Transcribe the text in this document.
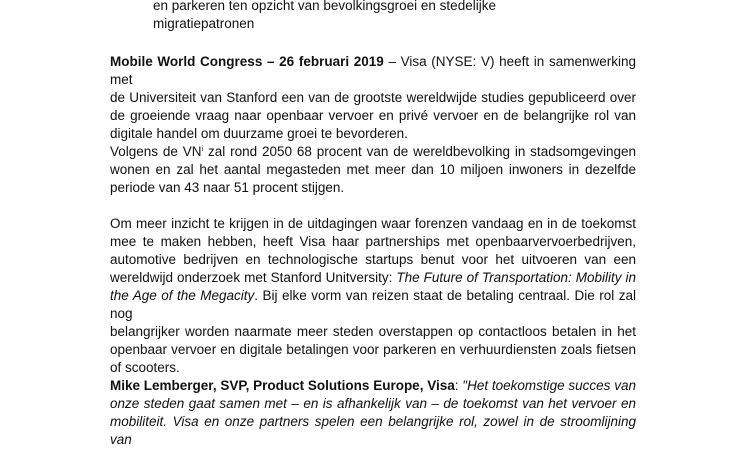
en parkeren ten opzicht van bevolkingsgroei en stedelijke
migratiepatronen
Mobile World Congress – 26 februari 2019 – Visa (NYSE: V) heeft in samenwerking met
de Universiteit van Stanford een van de grootste wereldwijde studies gepubliceerd over
de groeiende vraag naar openbaar vervoer en privé vervoer en de belangrijke rol van
digitale handel om duurzame groei te bevorderen.
Volgens de $VN^i$ zal rond 2050 68 procent van de wereldbevolking in stadsomgevingen
wonen en zal het aantal megasteden met meer dan 10 miljoen inwoners in dezelfde
periode van 43 naar 51 procent stijgen.
Om meer inzicht te krijgen in de uitdagingen waar forenzen vandaag en in de toekomst
mee te maken hebben, heeft Visa haar partnerships met openbaarvervoerbedrijven,
automotive bedrijven en technologische startups benut voor het uitvoeren van een
wereldwijd onderzoek met Stanford Unitversity: The Future of Transportation: Mobility in
the Age of the Megacity. Bij elke vorm van reizen staat de betaling centraal. Die rol zal nog
belangrijker worden naarmate meer steden overstappen op contactloos betalen in het
openbaar vervoer en digitale betalingen voor parkeren en verhuurdiensten zoals fietsen
of scooters.
Mike Lemberger, SVP, Product Solutions Europe, Visa: "Het toekomstige succes van
onze steden gaat samen met – en is afhankelijk van – de toekomst van het vervoer en
mobiliteit. Visa en onze partners spelen een belangrijke rol, zowel in de stroomlijning van
